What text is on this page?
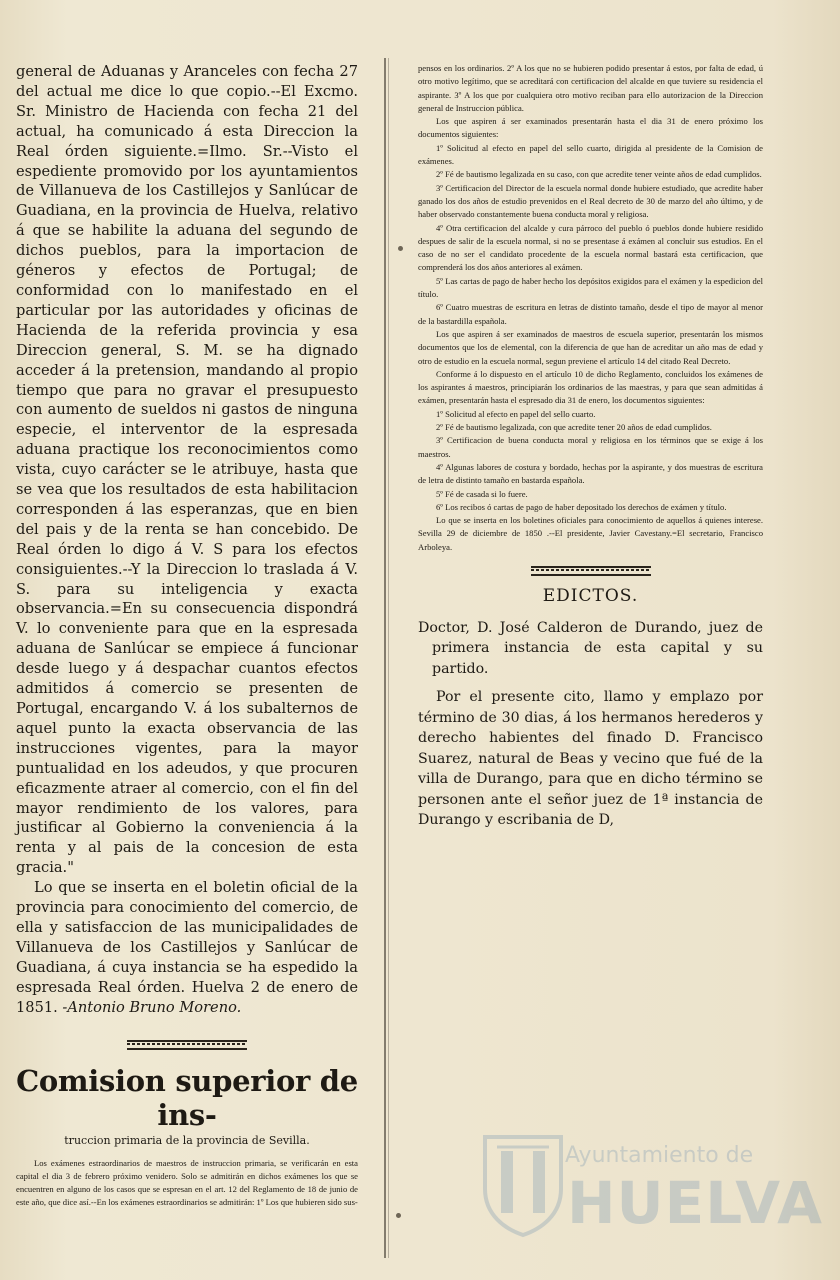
general de Aduanas y Aranceles con fecha 27 del actual me dice lo que copio.--El Excmo. Sr. Ministro de Hacienda con fecha 21 del actual, ha comunicado á esta Direccion la Real órden siguiente.=Ilmo. Sr.--Visto el espediente promovido por los ayuntamientos de Villanueva de los Castillejos y Sanlúcar de Guadiana, en la provincia de Huelva, relativo á que se habilite la aduana del segundo de dichos pueblos, para la importacion de géneros y efectos de Portugal; de conformidad con lo manifestado en el particular por las autoridades y oficinas de Hacienda de la referida provincia y esa Direccion general, S. M. se ha dignado acceder á la pretension, mandando al propio tiempo que para no gravar el presupuesto con aumento de sueldos ni gastos de ninguna especie, el interventor de la espresada aduana practique los reconocimientos como vista, cuyo carácter se le atribuye, hasta que se vea que los resultados de esta habilitacion corresponden á las esperanzas, que en bien del pais y de la renta se han concebido. De Real órden lo digo á V. S para los efectos consiguientes.--Y la Direccion lo traslada á V. S. para su inteligencia y exacta observancia.=En su consecuencia dispondrá V. lo conveniente para que en la espresada aduana de Sanlúcar se empiece á funcionar desde luego y á despachar cuantos efectos admitidos á comercio se presenten de Portugal, encargando V. á los subalternos de aquel punto la exacta observancia de las instrucciones vigentes, para la mayor puntualidad en los adeudos, y que procuren eficazmente atraer al comercio, con el fin del mayor rendimiento de los valores, para justificar al Gobierno la conveniencia á la renta y al pais de la concesion de esta gracia."

Lo que se inserta en el boletin oficial de la provincia para conocimiento del comercio, de ella y satisfaccion de las municipalidades de Villanueva de los Castillejos y Sanlúcar de Guadiana, á cuya instancia se ha espedido la espresada Real órden. Huelva 2 de enero de 1851. -Antonio Bruno Moreno.

Comision superior de ins-
truccion primaria de la provincia de Sevilla.

Los exámenes estraordinarios de maestros de instruccion primaria, se verificarán en esta capital el dia 3 de febrero próximo venidero. Solo se admitirán en dichos exámenes los que se encuentren en alguno de los casos que se espresan en el art. 12 del Reglamento de 18 de junio de este año, que dice así.--En los exámenes estraordinarios se admitirán: 1º Los que hubieren sido sus-

pensos en los ordinarios. 2º A los que no se hubieren podido presentar á estos, por falta de edad, ú otro motivo legítimo, que se acreditará con certificacion del alcalde en que tuviere su residencia el aspirante. 3º A los que por cualquiera otro motivo reciban para ello autorizacion de la Direccion general de Instruccion pública.

Los que aspiren á ser examinados presentarán hasta el dia 31 de enero próximo los documentos siguientes:

1º Solicitud al efecto en papel del sello cuarto, dirigida al presidente de la Comision de exámenes.

2º Fé de bautismo legalizada en su caso, con que acredite tener veinte años de edad cumplidos.

3º Certificacion del Director de la escuela normal donde hubiere estudiado, que acredite haber ganado los dos años de estudio prevenidos en el Real decreto de 30 de marzo del año último, y de haber observado constantemente buena conducta moral y religiosa.

4º Otra certificacion del alcalde y cura párroco del pueblo ó pueblos donde hubiere residido despues de salir de la escuela normal, si no se presentase á exámen al concluir sus estudios. En el caso de no ser el candidato procedente de la escuela normal bastará esta certificacion, que comprenderá los dos años anteriores al exámen.

5º Las cartas de pago de haber hecho los depósitos exigidos para el exámen y la espedicion del título.

6º Cuatro muestras de escritura en letras de distinto tamaño, desde el tipo de mayor al menor de la bastardilla española.

Los que aspiren á ser examinados de maestros de escuela superior, presentarán los mismos documentos que los de elemental, con la diferencia de que han de acreditar un año mas de edad y otro de estudio en la escuela normal, segun previene el artículo 14 del citado Real Decreto.

Conforme á lo dispuesto en el artículo 10 de dicho Reglamento, concluidos los exámenes de los aspirantes á maestros, principiarán los ordinarios de las maestras, y para que sean admitidas á exámen, presentarán hasta el espresado dia 31 de enero, los documentos siguientes:

1º Solicitud al efecto en papel del sello cuarto.

2º Fé de bautismo legalizada, con que acredite tener 20 años de edad cumplidos.

3º Certificacion de buena conducta moral y religiosa en los términos que se exige á los maestros.

4º Algunas labores de costura y bordado, hechas por la aspirante, y dos muestras de escritura de letra de distinto tamaño en bastarda española.

5º Fé de casada si lo fuere.

6º Los recibos ó cartas de pago de haber depositado los derechos de exámen y título.

Lo que se inserta en los boletines oficiales para conocimiento de aquellos á quienes interese. Sevilla 29 de diciembre de 1850 .--El presidente, Javier Cavestany.=El secretario, Francisco Arboleya.

EDICTOS.

Doctor, D. José Calderon de Durando, juez de primera instancia de esta capital y su partido.

Por el presente cito, llamo y emplazo por término de 30 dias, á los hermanos herederos y derecho habientes del finado D. Francisco Suarez, natural de Beas y vecino que fué de la villa de Durango, para que en dicho término se personen ante el señor juez de 1ª instancia de Durango y escribania de D,

Ayuntamiento de
HUELVA
